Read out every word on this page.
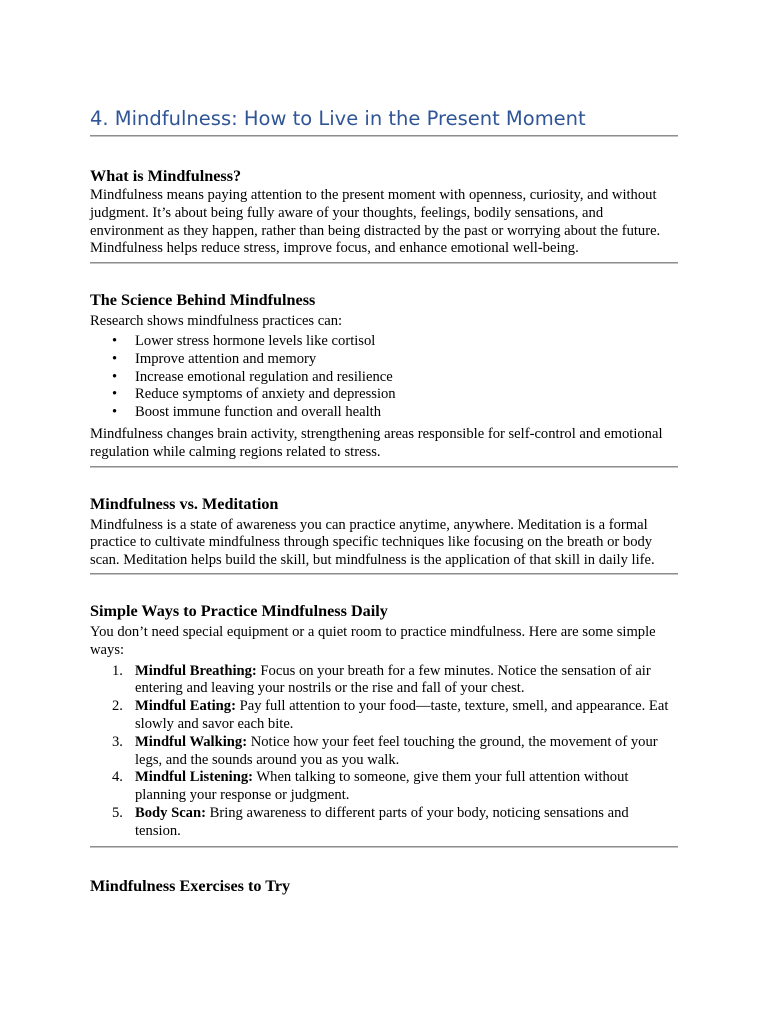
4. Mindfulness: How to Live in the Present Moment
What is Mindfulness?

Mindfulness means paying attention to the present moment with openness, curiosity, and without judgment. It’s about being fully aware of your thoughts, feelings, bodily sensations, and environment as they happen, rather than being distracted by the past or worrying about the future. Mindfulness helps reduce stress, improve focus, and enhance emotional well-being.

The Science Behind Mindfulness

Research shows mindfulness practices can:

• Lower stress hormone levels like cortisol
• Improve attention and memory
• Increase emotional regulation and resilience
• Reduce symptoms of anxiety and depression
• Boost immune function and overall health

Mindfulness changes brain activity, strengthening areas responsible for self-control and emotional regulation while calming regions related to stress.

Mindfulness vs. Meditation

Mindfulness is a state of awareness you can practice anytime, anywhere. Meditation is a formal practice to cultivate mindfulness through specific techniques like focusing on the breath or body scan. Meditation helps build the skill, but mindfulness is the application of that skill in daily life.

Simple Ways to Practice Mindfulness Daily

You don’t need special equipment or a quiet room to practice mindfulness. Here are some simple ways:

1. Mindful Breathing: Focus on your breath for a few minutes. Notice the sensation of air entering and leaving your nostrils or the rise and fall of your chest.
2. Mindful Eating: Pay full attention to your food—taste, texture, smell, and appearance. Eat slowly and savor each bite.
3. Mindful Walking: Notice how your feet feel touching the ground, the movement of your legs, and the sounds around you as you walk.
4. Mindful Listening: When talking to someone, give them your full attention without planning your response or judgment.
5. Body Scan: Bring awareness to different parts of your body, noticing sensations and tension.
Mindfulness Exercises to Try
